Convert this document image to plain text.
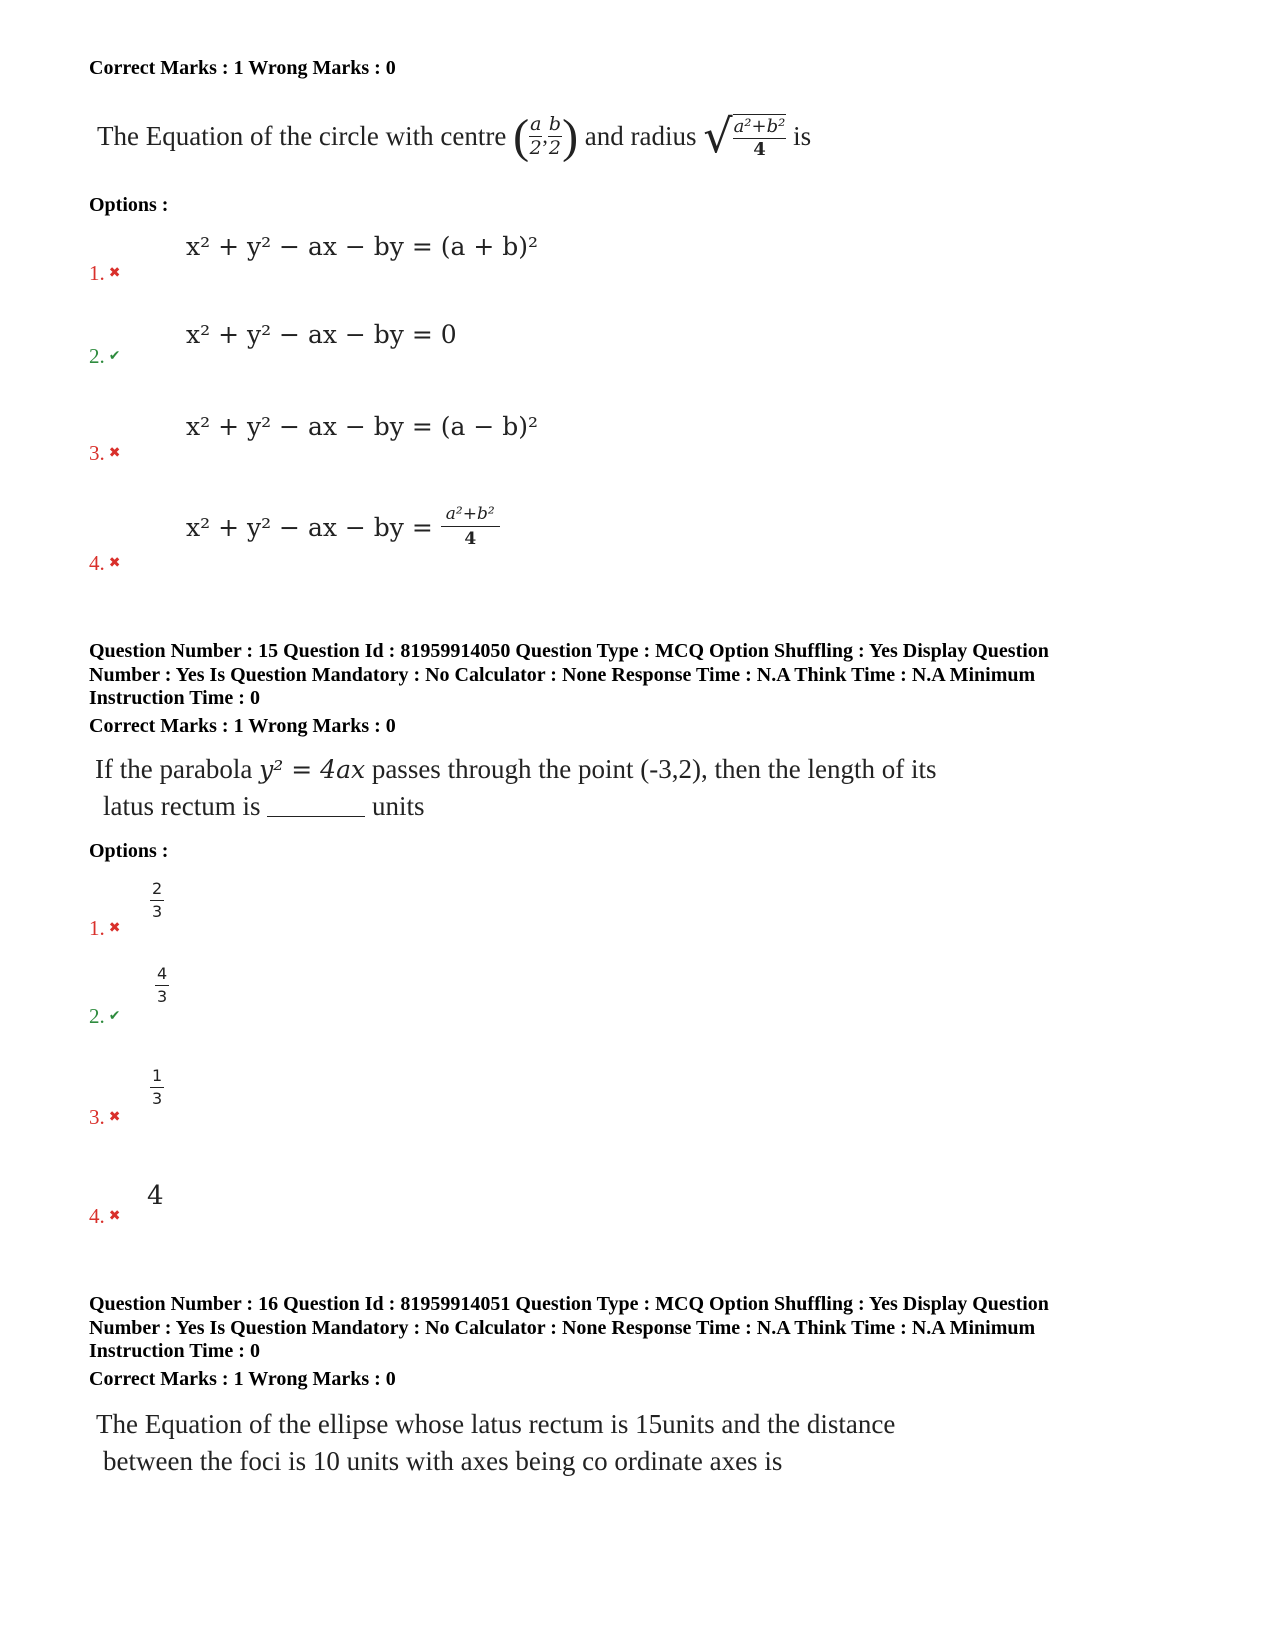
Correct Marks : 1 Wrong Marks : 0
The Equation of the circle with centre
( $\frac{a}{2}$ , $\frac{b}{2}$ )
and radius
√ $\frac{\text{a²+b²}}{4}$
is
Options :
x² + y² − ax − by = (a + b)²
1. ✖
x² + y² − ax − by = 0
2. ✔
x² + y² − ax − by = (a − b)²
3. ✖
x² + y² − ax − by =
$\frac{\text{a²+b²}}{4}$
4. ✖
Question Number : 15 Question Id : 81959914050 Question Type : MCQ Option Shuffling : Yes Display Question
Number : Yes Is Question Mandatory : No Calculator : None Response Time : N.A Think Time : N.A Minimum
Instruction Time : 0
Correct Marks : 1 Wrong Marks : 0
If the parabola y² = 4ax passes through the point (-3,2), then the length of its
latus rectum is	units
Options :
$\frac{2}{3}$
1. ✖
$\frac{4}{3}$
2. ✔
$\frac{1}{3}$
3. ✖
4
4. ✖
Question Number : 16 Question Id : 81959914051 Question Type : MCQ Option Shuffling : Yes Display Question
Number : Yes Is Question Mandatory : No Calculator : None Response Time : N.A Think Time : N.A Minimum
Instruction Time : 0
Correct Marks : 1 Wrong Marks : 0
The Equation of the ellipse whose latus rectum is 15units and the distance
between the foci is 10 units with axes being co ordinate axes is
